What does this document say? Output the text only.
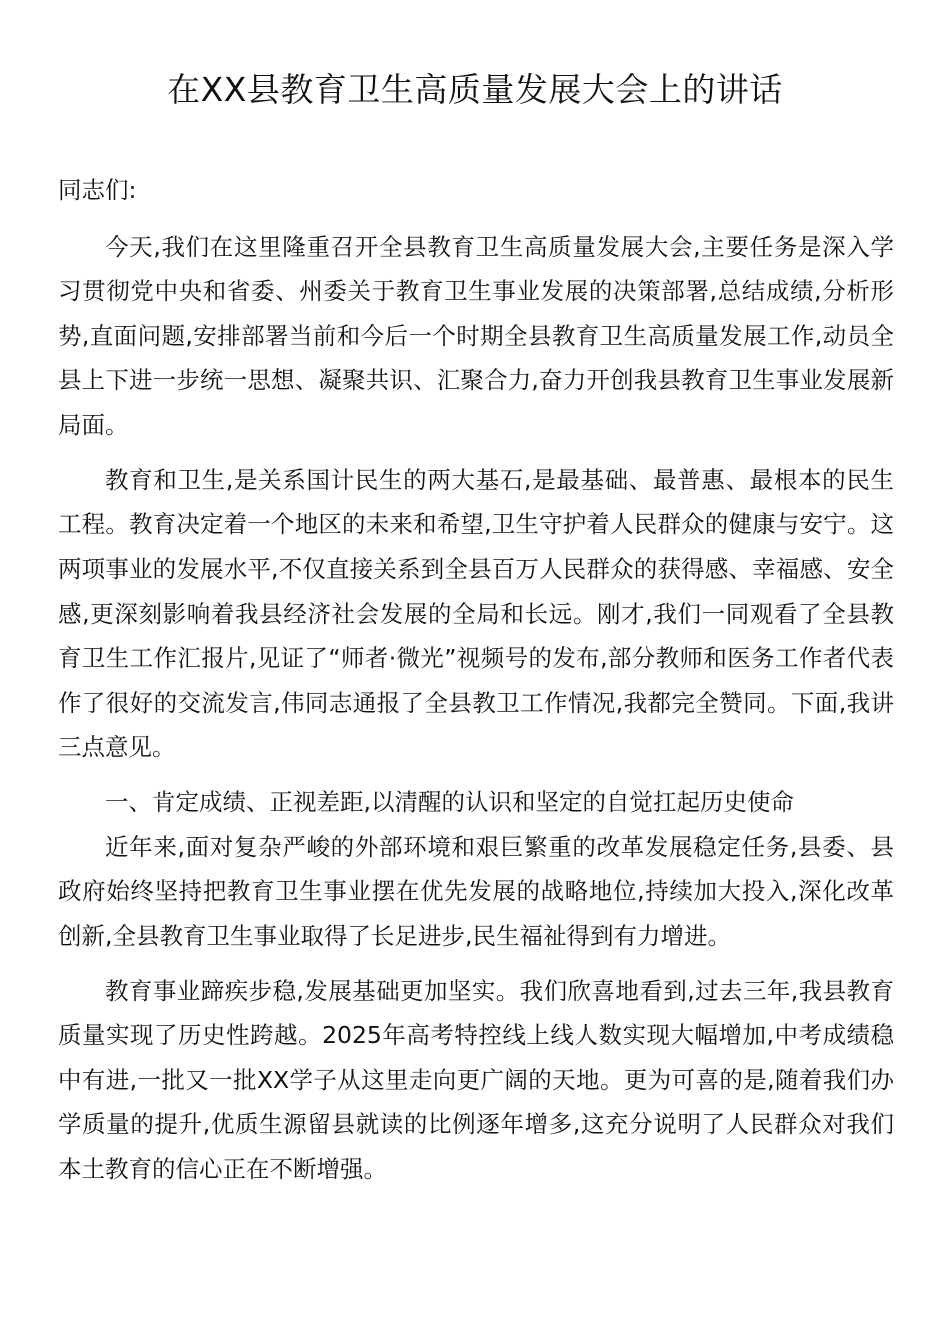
在XX县教育卫生高质量发展大会上的讲话

同志们:

今天,我们在这里隆重召开全县教育卫生高质量发展大会,主要任务是深入学习贯彻党中央和省委、州委关于教育卫生事业发展的决策部署,总结成绩,分析形势,直面问题,安排部署当前和今后一个时期全县教育卫生高质量发展工作,动员全县上下进一步统一思想、凝聚共识、汇聚合力,奋力开创我县教育卫生事业发展新局面。

教育和卫生,是关系国计民生的两大基石,是最基础、最普惠、最根本的民生工程。教育决定着一个地区的未来和希望,卫生守护着人民群众的健康与安宁。这两项事业的发展水平,不仅直接关系到全县百万人民群众的获得感、幸福感、安全感,更深刻影响着我县经济社会发展的全局和长远。刚才,我们一同观看了全县教育卫生工作汇报片,见证了“师者·微光”视频号的发布,部分教师和医务工作者代表作了很好的交流发言,伟同志通报了全县教卫工作情况,我都完全赞同。下面,我讲三点意见。

一、肯定成绩、正视差距,以清醒的认识和坚定的自觉扛起历史使命

近年来,面对复杂严峻的外部环境和艰巨繁重的改革发展稳定任务,县委、县政府始终坚持把教育卫生事业摆在优先发展的战略地位,持续加大投入,深化改革创新,全县教育卫生事业取得了长足进步,民生福祉得到有力增进。

教育事业蹄疾步稳,发展基础更加坚实。我们欣喜地看到,过去三年,我县教育质量实现了历史性跨越。2025年高考特控线上线人数实现大幅增加,中考成绩稳中有进,一批又一批XX学子从这里走向更广阔的天地。更为可喜的是,随着我们办学质量的提升,优质生源留县就读的比例逐年增多,这充分说明了人民群众对我们本土教育的信心正在不断增强。
